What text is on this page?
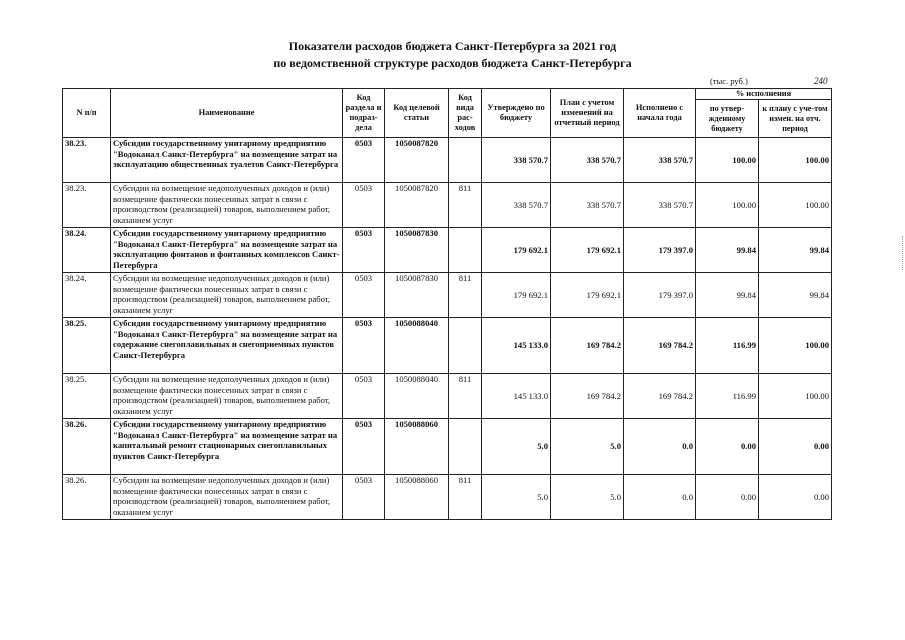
Показатели расходов бюджета Санкт-Петербурга за 2021 год
по ведомственной структуре расходов бюджета Санкт-Петербурга
(тыс. руб.)	240
N п/п	Наименование	Код раздела и подраз-дела	Код целевой статьи	Код вида рас-ходов	Утверждено по бюджету	План с учетом изменений на отчетный период	Исполнено с начала года	% исполнения	
								по утвер-жденному бюджету	к плану с уче-том измен. на отч. период
38.23.	Субсидии государственному унитарному предприятию "Водоканал Санкт-Петербурга" на возмещение затрат на эксплуатацию общественных туалетов Санкт-Петербурга	0503	1050087820		338 570.7	338 570.7	338 570.7	100.00	100.00
38.23.	Субсидии на возмещение недополученных доходов и (или) возмещение фактически понесенных затрат в связи с производством (реализацией) товаров, выполнением работ, оказанием услуг	0503	1050087820	811	338 570.7	338 570.7	338 570.7	100.00	100.00
38.24.	Субсидии государственному унитарному предприятию "Водоканал Санкт-Петербурга" на возмещение затрат на эксплуатацию фонтанов и фонтанных комплексов Санкт-Петербурга	0503	1050087830		179 692.1	179 692.1	179 397.0	99.84	99.84
38.24.	Субсидии на возмещение недополученных доходов и (или) возмещение фактически понесенных затрат в связи с производством (реализацией) товаров, выполнением работ, оказанием услуг	0503	1050087830	811	179 692.1	179 692.1	179 397.0	99.84	99.84
38.25.	Субсидии государственному унитарному предприятию "Водоканал Санкт-Петербурга" на возмещение затрат на содержание снегоплавильных и снегоприемных пунктов Санкт-Петербурга	0503	1050088040		145 133.0	169 784.2	169 784.2	116.99	100.00
38.25.	Субсидии на возмещение недополученных доходов и (или) возмещение фактически понесенных затрат в связи с производством (реализацией) товаров, выполнением работ, оказанием услуг	0503	1050088040	811	145 133.0	169 784.2	169 784.2	116.99	100.00
38.26.	Субсидии государственному унитарному предприятию "Водоканал Санкт-Петербурга" на возмещение затрат на капитальный ремонт стационарных снегоплавильных пунктов Санкт-Петербурга	0503	1050088060		5.0	5.0	0.0	0.00	0.00
38.26.	Субсидии на возмещение недополученных доходов и (или) возмещение фактически понесенных затрат в связи с производством (реализацией) товаров, выполнением работ, оказанием услуг	0503	1050088060	811	5.0	5.0	0.0	0.00	0.00
